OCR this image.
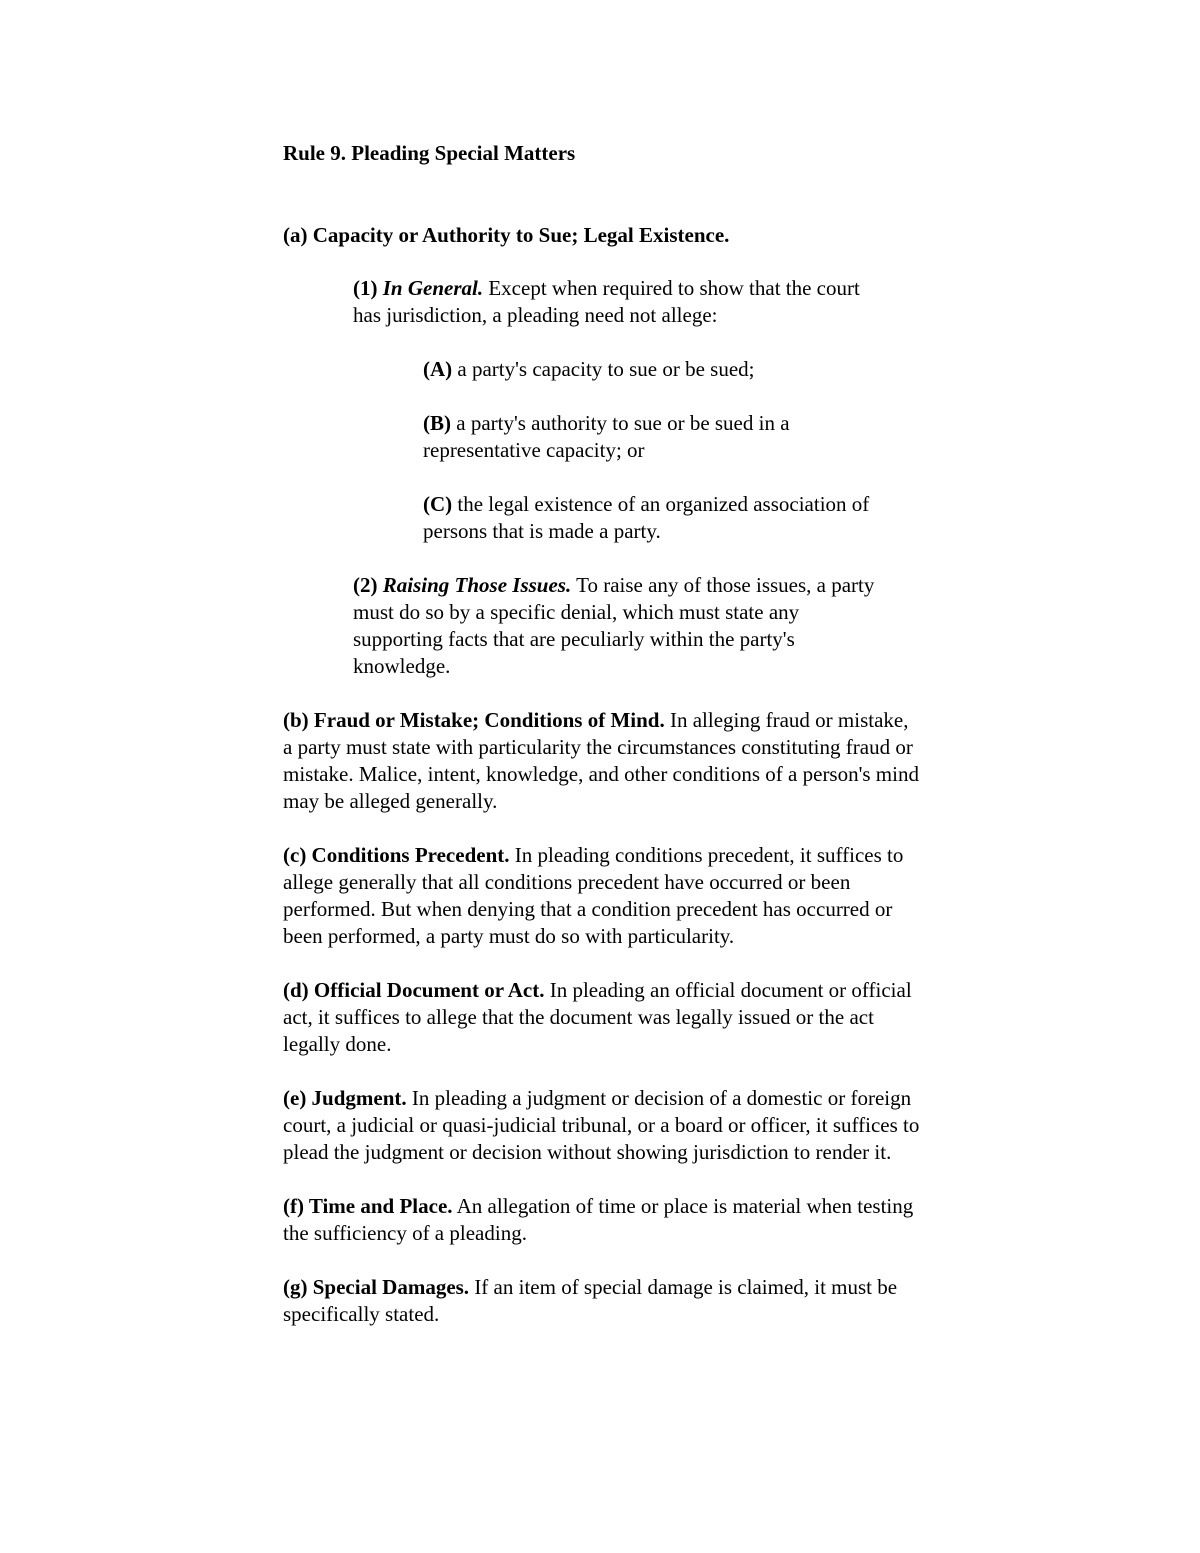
Rule 9. Pleading Special Matters
(a) Capacity or Authority to Sue; Legal Existence.
(1) In General. Except when required to show that the court has jurisdiction, a pleading need not allege:
(A) a party's capacity to sue or be sued;
(B) a party's authority to sue or be sued in a representative capacity; or
(C) the legal existence of an organized association of persons that is made a party.
(2) Raising Those Issues. To raise any of those issues, a party must do so by a specific denial, which must state any supporting facts that are peculiarly within the party's knowledge.
(b) Fraud or Mistake; Conditions of Mind. In alleging fraud or mistake, a party must state with particularity the circumstances constituting fraud or mistake. Malice, intent, knowledge, and other conditions of a person's mind may be alleged generally.
(c) Conditions Precedent. In pleading conditions precedent, it suffices to allege generally that all conditions precedent have occurred or been performed. But when denying that a condition precedent has occurred or been performed, a party must do so with particularity.
(d) Official Document or Act. In pleading an official document or official act, it suffices to allege that the document was legally issued or the act legally done.
(e) Judgment. In pleading a judgment or decision of a domestic or foreign court, a judicial or quasi-judicial tribunal, or a board or officer, it suffices to plead the judgment or decision without showing jurisdiction to render it.
(f) Time and Place. An allegation of time or place is material when testing the sufficiency of a pleading.
(g) Special Damages. If an item of special damage is claimed, it must be specifically stated.
